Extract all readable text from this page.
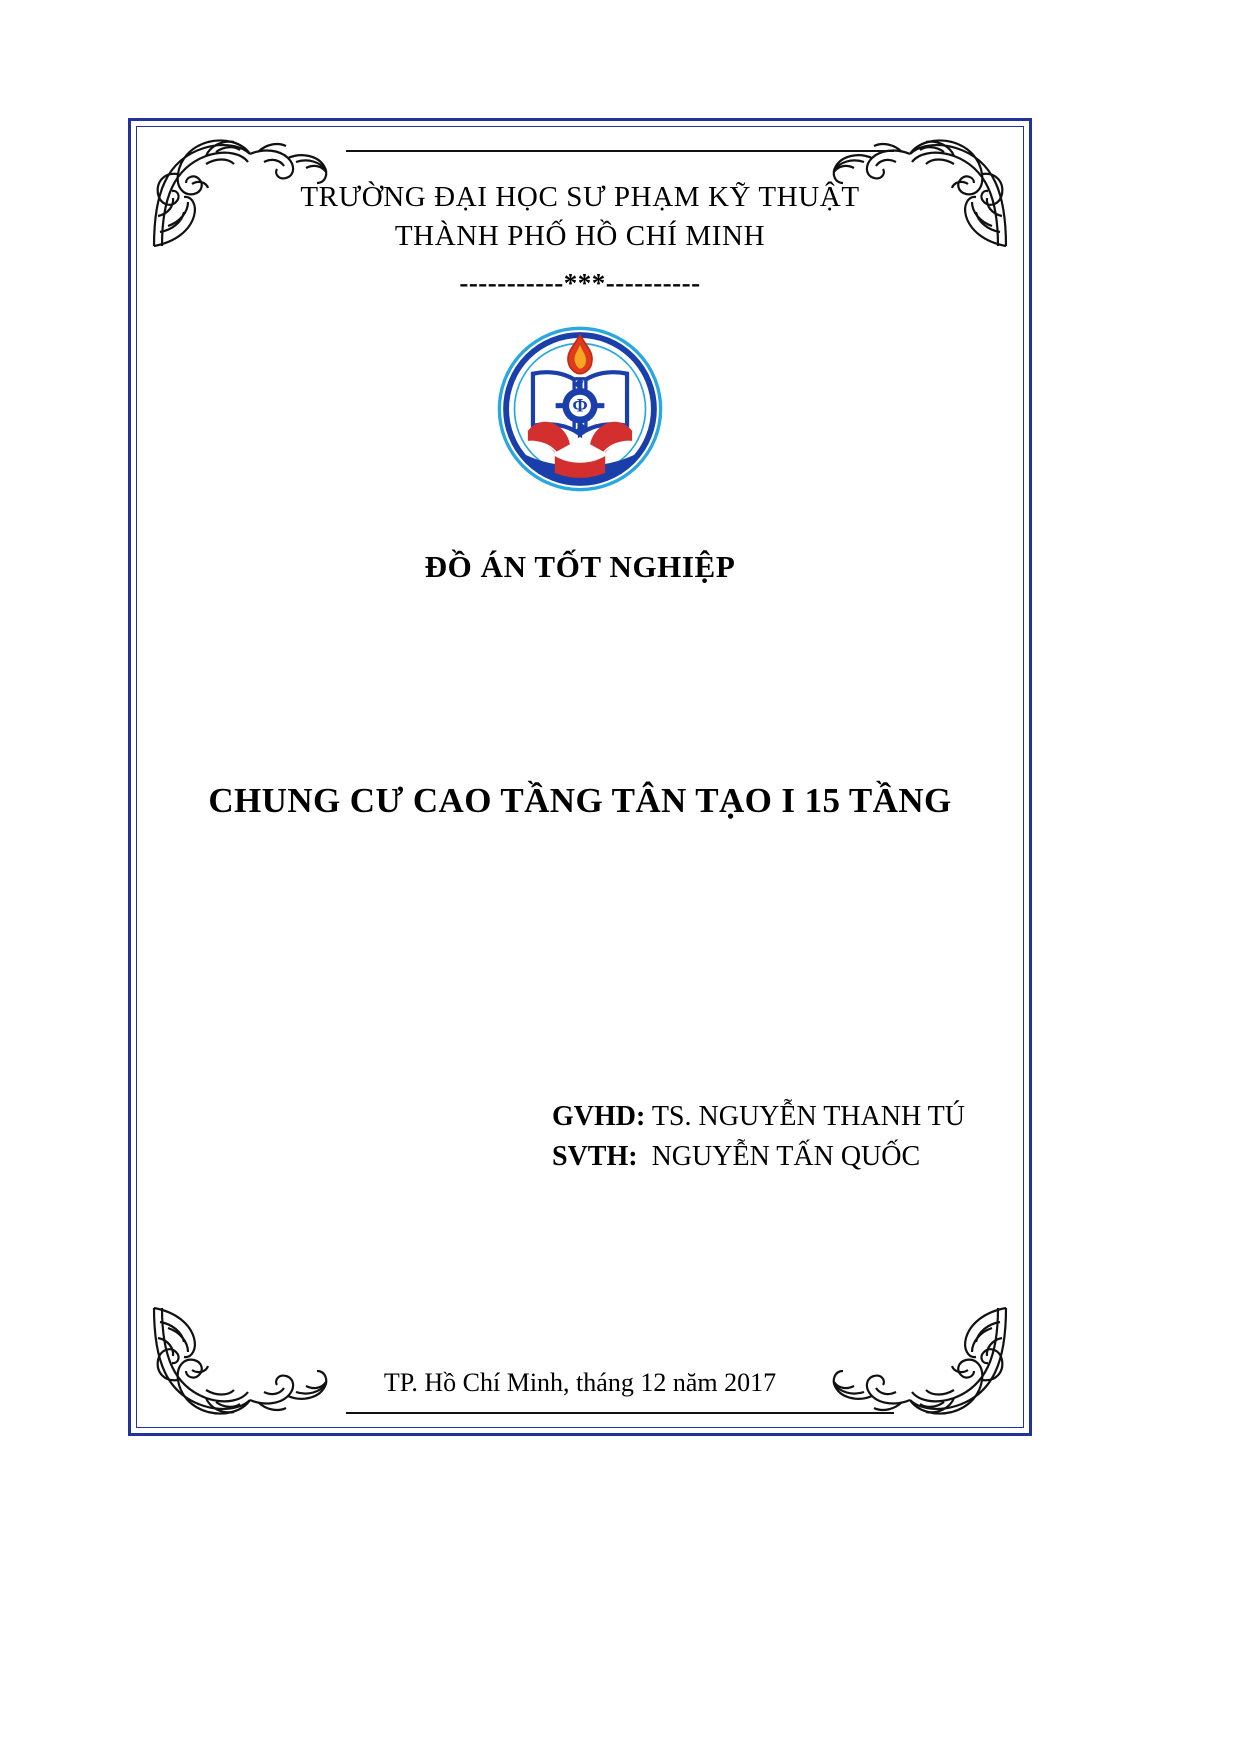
TRƯỜNG ĐẠI HỌC SƯ PHẠM KỸ THUẬT

THÀNH PHỐ HỒ CHÍ MINH

-----------***----------

Φ

ĐỒ ÁN TỐT NGHIỆP

CHUNG CƯ CAO TẦNG TÂN TẠO I 15 TẦNG

GVHD: TS. NGUYỄN THANH TÚ
SVTH:  NGUYỄN TẤN QUỐC
TP. Hồ Chí Minh, tháng 12 năm 2017
